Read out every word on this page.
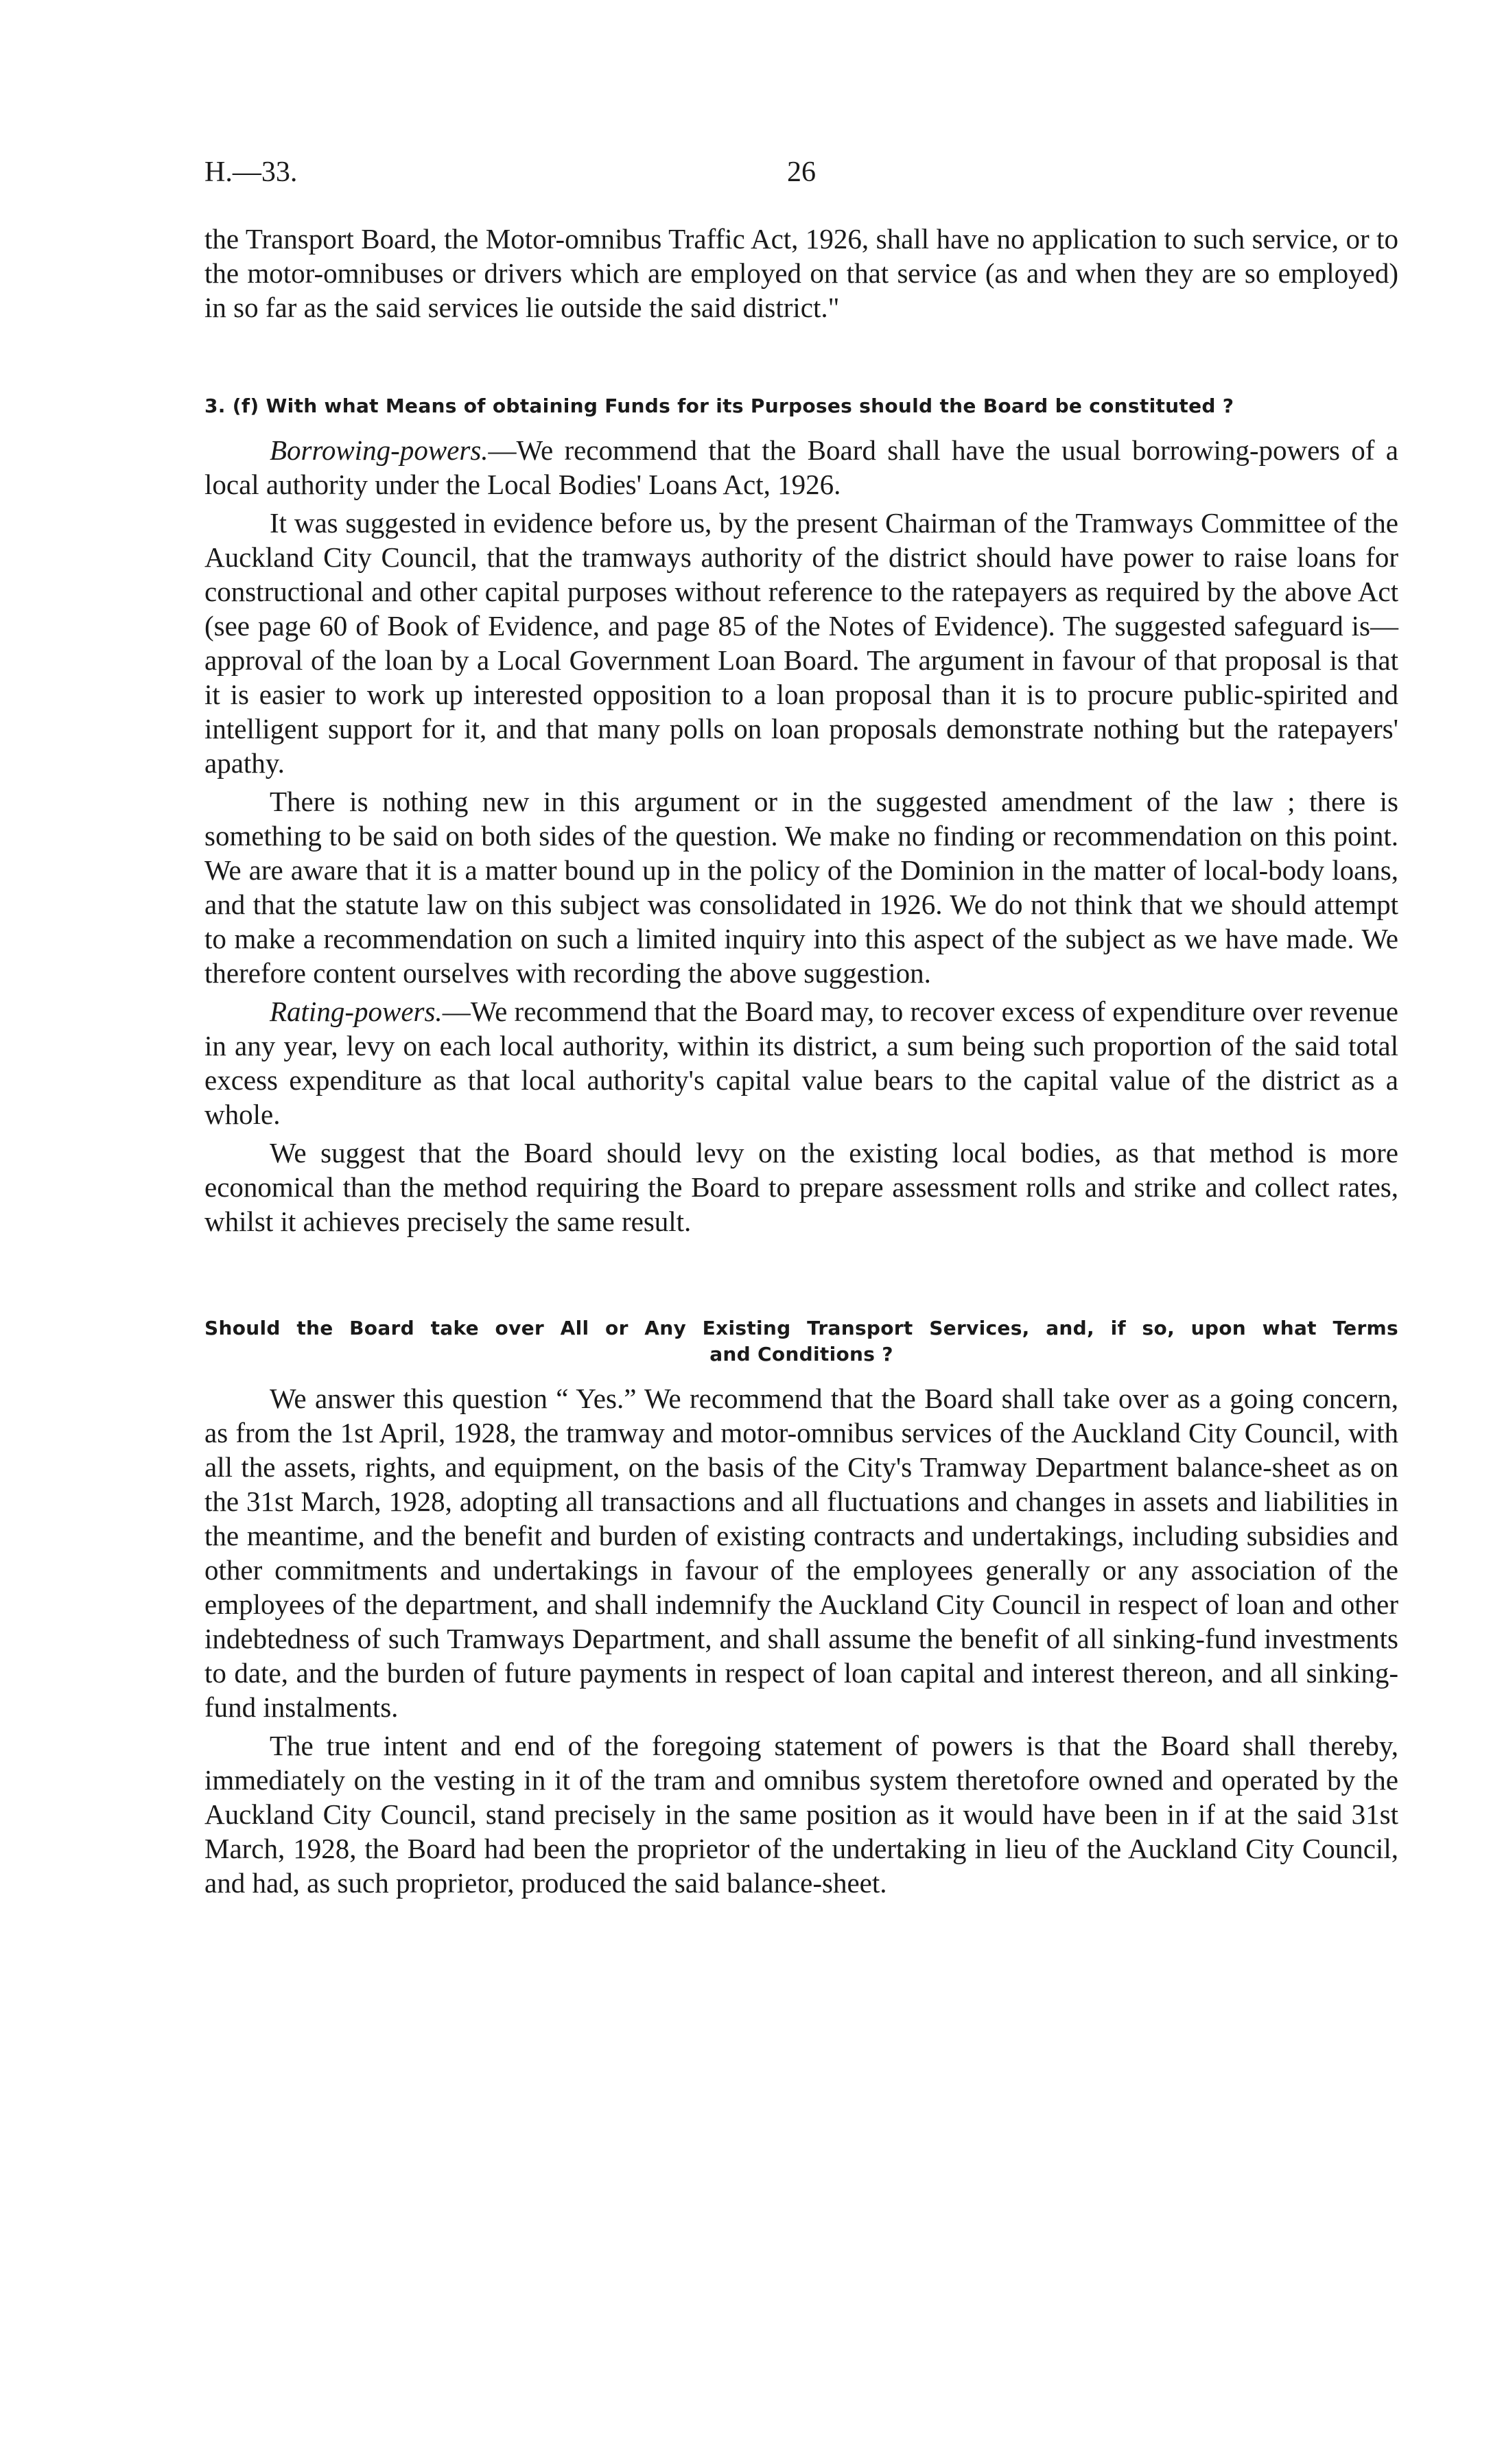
H.—33.	26

the Transport Board, the Motor-omnibus Traffic Act, 1926, shall have no application to such service, or to the motor-omnibuses or drivers which are employed on that service (as and when they are so employed) in so far as the said services lie outside the said district."

3. (f) With what Means of obtaining Funds for its Purposes should the Board be constituted ?

Borrowing-powers.—We recommend that the Board shall have the usual borrowing-powers of a local authority under the Local Bodies' Loans Act, 1926.

It was suggested in evidence before us, by the present Chairman of the Tramways Committee of the Auckland City Council, that the tramways authority of the district should have power to raise loans for constructional and other capital purposes without reference to the ratepayers as required by the above Act (see page 60 of Book of Evidence, and page 85 of the Notes of Evidence). The suggested safeguard is—approval of the loan by a Local Government Loan Board. The argument in favour of that proposal is that it is easier to work up interested opposition to a loan proposal than it is to procure public-spirited and intelligent support for it, and that many polls on loan proposals demonstrate nothing but the ratepayers' apathy.

There is nothing new in this argument or in the suggested amendment of the law ; there is something to be said on both sides of the question. We make no finding or recommendation on this point. We are aware that it is a matter bound up in the policy of the Dominion in the matter of local-body loans, and that the statute law on this subject was consolidated in 1926. We do not think that we should attempt to make a recommendation on such a limited inquiry into this aspect of the subject as we have made. We therefore content ourselves with recording the above suggestion.

Rating-powers.—We recommend that the Board may, to recover excess of expenditure over revenue in any year, levy on each local authority, within its district, a sum being such proportion of the said total excess expenditure as that local authority's capital value bears to the capital value of the district as a whole.

We suggest that the Board should levy on the existing local bodies, as that method is more economical than the method requiring the Board to prepare assessment rolls and strike and collect rates, whilst it achieves precisely the same result.

Should the Board take over All or Any Existing Transport Services, and, if so, upon what Terms
and Conditions ?

We answer this question “ Yes.” We recommend that the Board shall take over as a going concern, as from the 1st April, 1928, the tramway and motor-omnibus services of the Auckland City Council, with all the assets, rights, and equipment, on the basis of the City's Tramway Department balance-sheet as on the 31st March, 1928, adopting all transactions and all fluctuations and changes in assets and liabilities in the meantime, and the benefit and burden of existing contracts and undertakings, including subsidies and other commitments and undertakings in favour of the employees generally or any association of the employees of the department, and shall indemnify the Auckland City Council in respect of loan and other indebtedness of such Tramways Department, and shall assume the benefit of all sinking-fund investments to date, and the burden of future payments in respect of loan capital and interest thereon, and all sinking-fund instalments.

The true intent and end of the foregoing statement of powers is that the Board shall thereby, immediately on the vesting in it of the tram and omnibus system theretofore owned and operated by the Auckland City Council, stand precisely in the same position as it would have been in if at the said 31st March, 1928, the Board had been the proprietor of the undertaking in lieu of the Auckland City Council, and had, as such proprietor, produced the said balance-sheet.
